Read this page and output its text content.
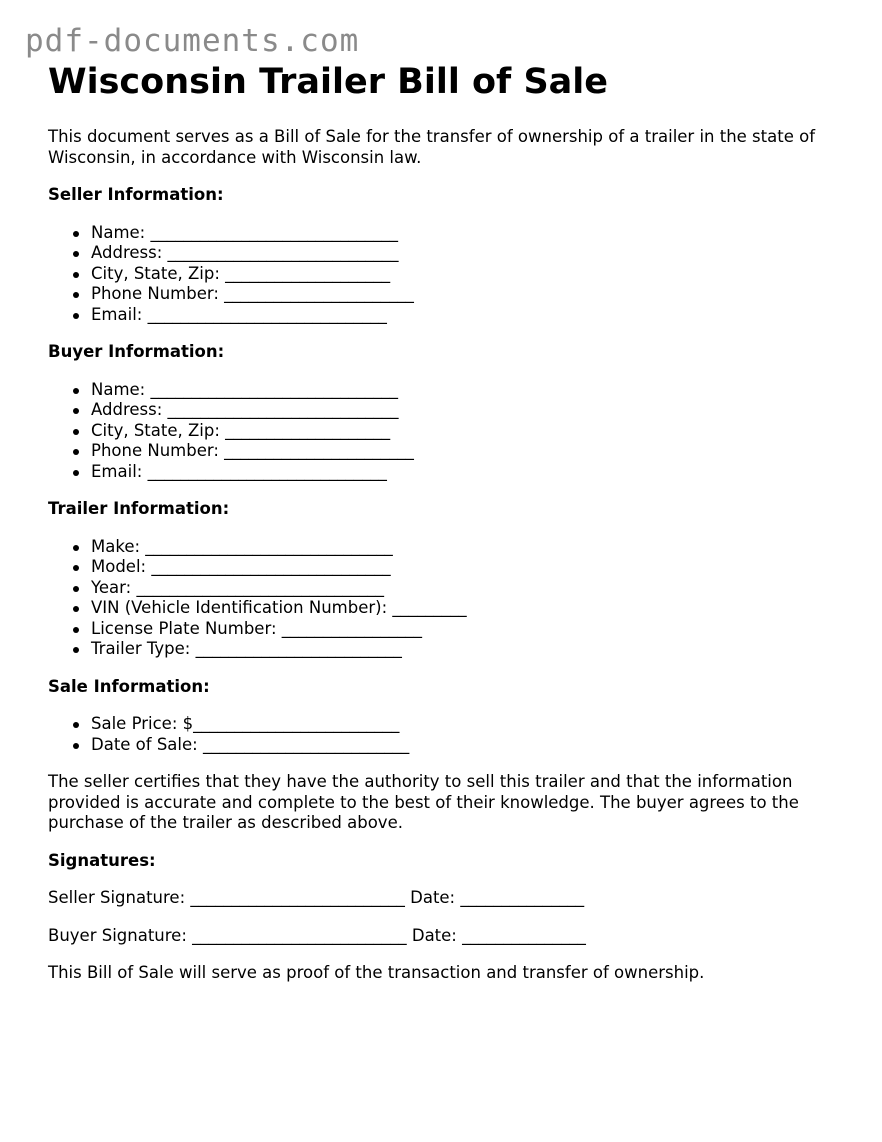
pdf-documents.com
Wisconsin Trailer Bill of Sale

This document serves as a Bill of Sale for the transfer of ownership of a trailer in the state of Wisconsin, in accordance with Wisconsin law.

Seller Information:
Name: ______________________________
Address: ____________________________
City, State, Zip: ____________________
Phone Number: _______________________
Email: _____________________________
Buyer Information:
Name: ______________________________
Address: ____________________________
City, State, Zip: ____________________
Phone Number: _______________________
Email: _____________________________
Trailer Information:
Make: ______________________________
Model: _____________________________
Year: ______________________________
VIN (Vehicle Identification Number): _________
License Plate Number: _________________
Trailer Type: _________________________
Sale Information:
Sale Price: $_________________________
Date of Sale: _________________________

The seller certifies that they have the authority to sell this trailer and that the information provided is accurate and complete to the best of their knowledge. The buyer agrees to the purchase of the trailer as described above.

Signatures:

Seller Signature: __________________________ Date: _______________

Buyer Signature: __________________________ Date: _______________

This Bill of Sale will serve as proof of the transaction and transfer of ownership.
